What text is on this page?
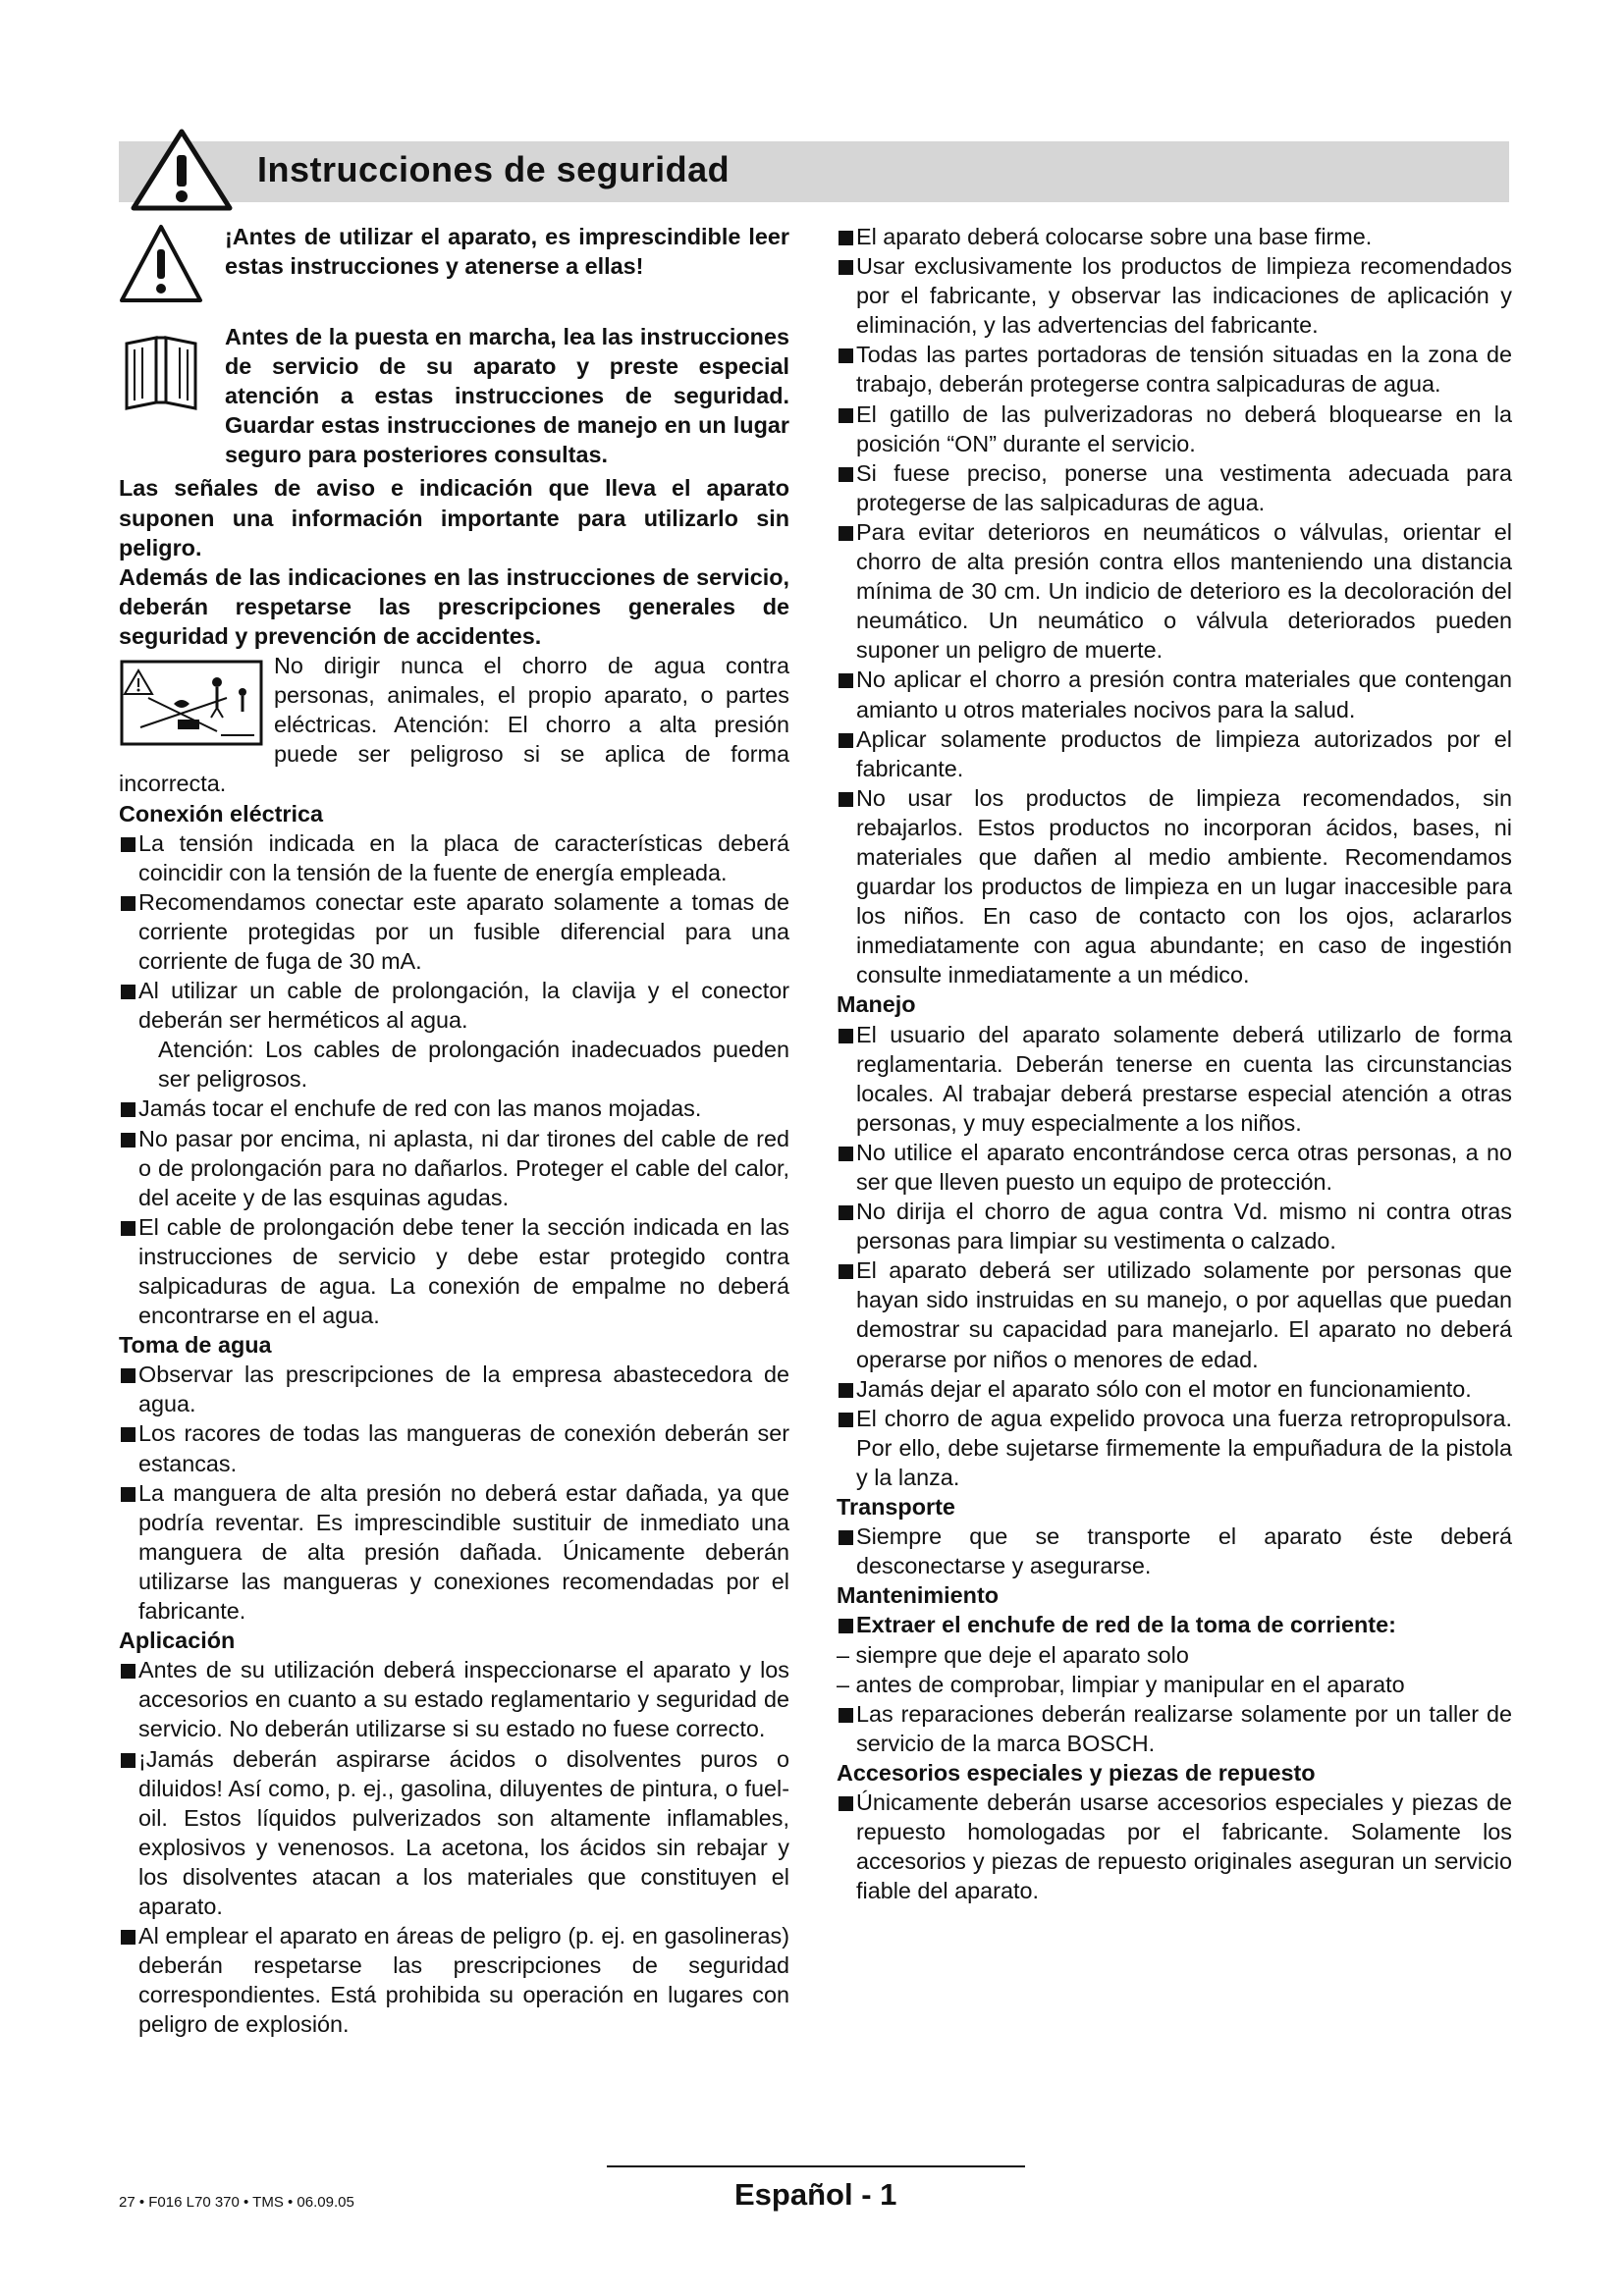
Instrucciones de seguridad

¡Antes de utilizar el aparato, es imprescindible leer estas instrucciones y atenerse a ellas!

Antes de la puesta en marcha, lea las instrucciones de servicio de su aparato y preste especial atención a estas instrucciones de seguridad. Guardar estas instrucciones de manejo en un lugar seguro para posteriores consultas.

Las señales de aviso e indicación que lleva el aparato suponen una información importante para utilizarlo sin peligro.

Además de las indicaciones en las instrucciones de servicio, deberán respetarse las prescripciones generales de seguridad y prevención de accidentes.

No dirigir nunca el chorro de agua contra personas, animales, el propio aparato, o partes eléctricas. Atención: El chorro a alta presión puede ser peligroso si se aplica de forma incorrecta.

Conexión eléctrica

La tensión indicada en la placa de características deberá coincidir con la tensión de la fuente de energía empleada.
Recomendamos conectar este aparato solamente a tomas de corriente protegidas por un fusible diferencial para una corriente de fuga de 30 mA.
Al utilizar un cable de prolongación, la clavija y el conector deberán ser herméticos al agua.

Atención: Los cables de prolongación inadecuados pueden ser peligrosos.

Jamás tocar el enchufe de red con las manos mojadas.
No pasar por encima, ni aplasta, ni dar tirones del cable de red o de prolongación para no dañarlos. Proteger el cable del calor, del aceite y de las esquinas agudas.
El cable de prolongación debe tener la sección indicada en las instrucciones de servicio y debe estar protegido contra salpicaduras de agua. La conexión de empalme no deberá encontrarse en el agua.

Toma de agua

Observar las prescripciones de la empresa abastecedora de agua.
Los racores de todas las mangueras de conexión deberán ser estancas.
La manguera de alta presión no deberá estar dañada, ya que podría reventar. Es imprescindible sustituir de inmediato una manguera de alta presión dañada. Únicamente deberán utilizarse las mangueras y conexiones recomendadas por el fabricante.

Aplicación

Antes de su utilización deberá inspeccionarse el aparato y los accesorios en cuanto a su estado reglamentario y seguridad de servicio. No deberán utilizarse si su estado no fuese correcto.
¡Jamás deberán aspirarse ácidos o disolventes puros o diluidos! Así como, p. ej., gasolina, diluyentes de pintura, o fuel-oil. Estos líquidos pulverizados son altamente inflamables, explosivos y venenosos. La acetona, los ácidos sin rebajar y los disolventes atacan a los materiales que constituyen el aparato.
Al emplear el aparato en áreas de peligro (p. ej. en gasolineras) deberán respetarse las prescripciones de seguridad correspondientes. Está prohibida su operación en lugares con peligro de explosión.
El aparato deberá colocarse sobre una base firme.
Usar exclusivamente los productos de limpieza recomendados por el fabricante, y observar las indicaciones de aplicación y eliminación, y las advertencias del fabricante.
Todas las partes portadoras de tensión situadas en la zona de trabajo, deberán protegerse contra salpicaduras de agua.
El gatillo de las pulverizadoras no deberá bloquearse en la posición “ON” durante el servicio.
Si fuese preciso, ponerse una vestimenta adecuada para protegerse de las salpicaduras de agua.
Para evitar deterioros en neumáticos o válvulas, orientar el chorro de alta presión contra ellos manteniendo una distancia mínima de 30 cm. Un indicio de deterioro es la decoloración del neumático. Un neumático o válvula deteriorados pueden suponer un peligro de muerte.
No aplicar el chorro a presión contra materiales que contengan amianto u otros materiales nocivos para la salud.
Aplicar solamente productos de limpieza autorizados por el fabricante.
No usar los productos de limpieza recomendados, sin rebajarlos. Estos productos no incorporan ácidos, bases, ni materiales que dañen al medio ambiente. Recomendamos guardar los productos de limpieza en un lugar inaccesible para los niños. En caso de contacto con los ojos, aclararlos inmediatamente con agua abundante; en caso de ingestión consulte inmediatamente a un médico.

Manejo

El usuario del aparato solamente deberá utilizarlo de forma reglamentaria. Deberán tenerse en cuenta las circunstancias locales. Al trabajar deberá prestarse especial atención a otras personas, y muy especialmente a los niños.
No utilice el aparato encontrándose cerca otras personas, a no ser que lleven puesto un equipo de protección.
No dirija el chorro de agua contra Vd. mismo ni contra otras personas para limpiar su vestimenta o calzado.
El aparato deberá ser utilizado solamente por personas que hayan sido instruidas en su manejo, o por aquellas que puedan demostrar su capacidad para manejarlo. El aparato no deberá operarse por niños o menores de edad.
Jamás dejar el aparato sólo con el motor en funcionamiento.
El chorro de agua expelido provoca una fuerza retropropulsora. Por ello, debe sujetarse firmemente la empuñadura de la pistola y la lanza.

Transporte

Siempre que se transporte el aparato éste deberá desconectarse y asegurarse.

Mantenimiento

Extraer el enchufe de red de la toma de corriente:

– siempre que deje el aparato solo

– antes de comprobar, limpiar y manipular en el aparato

Las reparaciones deberán realizarse solamente por un taller de servicio de la marca BOSCH.

Accesorios especiales y piezas de repuesto

Únicamente deberán usarse accesorios especiales y piezas de repuesto homologadas por el fabricante. Solamente los accesorios y piezas de repuesto originales aseguran un servicio fiable del aparato.
27 • F016 L70 370 • TMS • 06.09.05	Español - 1
